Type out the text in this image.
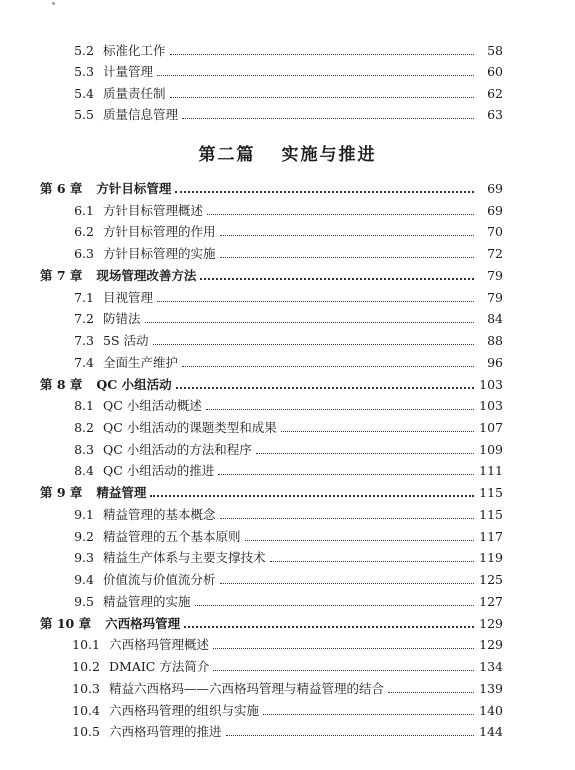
5.2 标准化工作	58
5.3 计量管理	60
5.4 质量责任制	62
5.5 质量信息管理	63
第二篇 实施与推进
第 6 章	方针目标管理	69
6.1 方针目标管理概述	69
6.2 方针目标管理的作用	70
6.3 方针目标管理的实施	72
第 7 章	现场管理改善方法	79
7.1 目视管理	79
7.2 防错法	84
7.3 5S 活动	88
7.4 全面生产维护	96
第 8 章	QC 小组活动	103
8.1 QC 小组活动概述	103
8.2 QC 小组活动的课题类型和成果	107
8.3 QC 小组活动的方法和程序	109
8.4 QC 小组活动的推进	111
第 9 章	精益管理	115
9.1 精益管理的基本概念	115
9.2 精益管理的五个基本原则	117
9.3 精益生产体系与主要支撑技术	119
9.4 价值流与价值流分析	125
9.5 精益管理的实施	127
第 10 章	六西格玛管理	129
10.1 六西格玛管理概述	129
10.2 DMAIC 方法简介	134
10.3 精益六西格玛——六西格玛管理与精益管理的结合	139
10.4 六西格玛管理的组织与实施	140
10.5 六西格玛管理的推进	144
